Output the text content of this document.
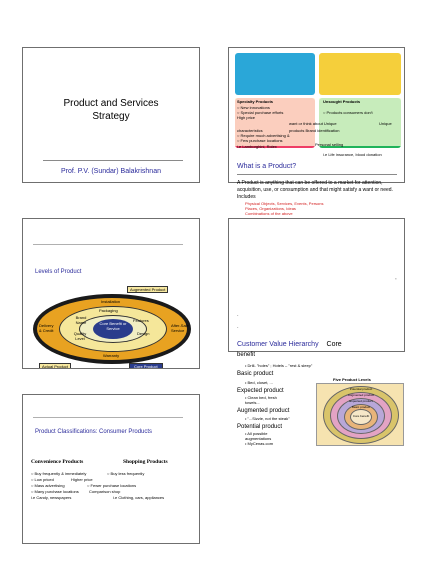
Product and Services
Strategy
Prof. P.V. (Sundar) Balakrishnan
Specialty Products
○ New innovations
○ Special purchase efforts
High price
characteristics
○ Require much advertising &
○ Few purchase locations
i.e Lamborghini, Rolex
Unsought Products
○ Products consumers don't
want or think about Unique
products Brand identification
Unique
Personal selling
i.e Life insurance, blood donation
What is a Product?
A Product is anything that can be offered to a market for attention, acquisition, use, or consumption and that might satisfy a want or need. Includes
Physical Objects, Services, Events, Persons
Places, Organizations, Ideas
Combinations of the above
Levels of Product
Augmented Product
Installation
Packaging
Brand Name	Features
Core Benefit or Service
Delivery & Credit
After-Sale Service
Quality Level
Design
Warranty
Actual Product	Core Product
"
-
-
Customer Value Hierarchy Core
benefit
• Drill- "holes" ; Hotels – "rest & sleep"
Basic product
• Bed, closet, ...
Expected product
• Clean bed, fresh
towels...
Augmented product
• "...Sizzle, not the steak"
Potential product
• All possible
augmentations
• MyCenas.com
Five Product Levels
Potential product
Augmented product
Expected product
Basic product
Core benefit
Product Classifications: Consumer Products
Convenience Products	Shopping Products
○ Buy frequently & immediately
○ Low priced
○ Mass advertising
○ Many purchase locations
i.e Candy, newspapers
○ Buy less frequently
Higher price
○ Fewer purchase locations
Comparison shop
i.e Clothing, cars, appliances
